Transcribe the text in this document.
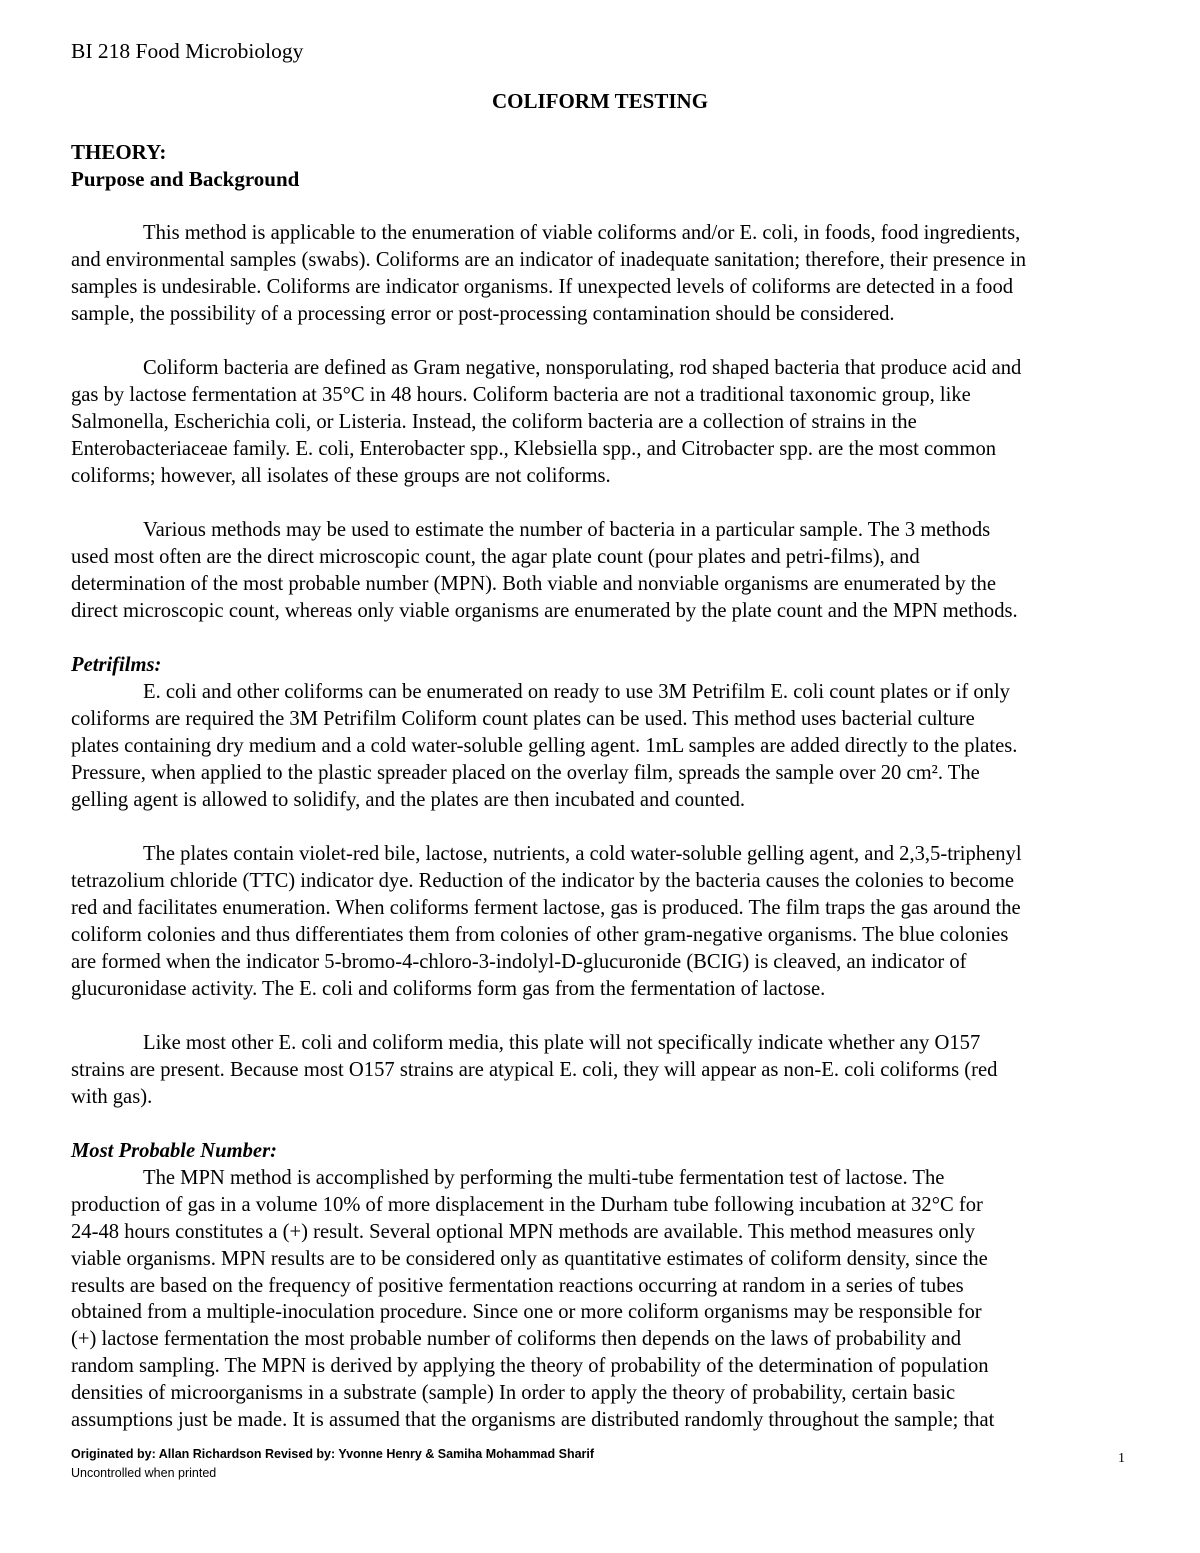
BI 218 Food Microbiology
COLIFORM TESTING
THEORY:
Purpose and Background
This method is applicable to the enumeration of viable coliforms and/or E. coli, in foods, food ingredients,
and environmental samples (swabs). Coliforms are an indicator of inadequate sanitation; therefore, their presence in
samples is undesirable. Coliforms are indicator organisms. If unexpected levels of coliforms are detected in a food
sample, the possibility of a processing error or post-processing contamination should be considered.
Coliform bacteria are defined as Gram negative, nonsporulating, rod shaped bacteria that produce acid and
gas by lactose fermentation at 35°C in 48 hours. Coliform bacteria are not a traditional taxonomic group, like
Salmonella, Escherichia coli, or Listeria. Instead, the coliform bacteria are a collection of strains in the
Enterobacteriaceae family. E. coli, Enterobacter spp., Klebsiella spp., and Citrobacter spp. are the most common
coliforms; however, all isolates of these groups are not coliforms.
Various methods may be used to estimate the number of bacteria in a particular sample. The 3 methods
used most often are the direct microscopic count, the agar plate count (pour plates and petri-films), and
determination of the most probable number (MPN). Both viable and nonviable organisms are enumerated by the
direct microscopic count, whereas only viable organisms are enumerated by the plate count and the MPN methods.
Petrifilms:
E. coli and other coliforms can be enumerated on ready to use 3M Petrifilm E. coli count plates or if only
coliforms are required the 3M Petrifilm Coliform count plates can be used. This method uses bacterial culture
plates containing dry medium and a cold water-soluble gelling agent. 1mL samples are added directly to the plates.
Pressure, when applied to the plastic spreader placed on the overlay film, spreads the sample over 20 cm². The
gelling agent is allowed to solidify, and the plates are then incubated and counted.
The plates contain violet-red bile, lactose, nutrients, a cold water-soluble gelling agent, and 2,3,5-triphenyl
tetrazolium chloride (TTC) indicator dye. Reduction of the indicator by the bacteria causes the colonies to become
red and facilitates enumeration. When coliforms ferment lactose, gas is produced. The film traps the gas around the
coliform colonies and thus differentiates them from colonies of other gram-negative organisms. The blue colonies
are formed when the indicator 5-bromo-4-chloro-3-indolyl-D-glucuronide (BCIG) is cleaved, an indicator of
glucuronidase activity. The E. coli and coliforms form gas from the fermentation of lactose.
Like most other E. coli and coliform media, this plate will not specifically indicate whether any O157
strains are present. Because most O157 strains are atypical E. coli, they will appear as non-E. coli coliforms (red
with gas).
Most Probable Number:
The MPN method is accomplished by performing the multi-tube fermentation test of lactose. The
production of gas in a volume 10% of more displacement in the Durham tube following incubation at 32°C for
24-48 hours constitutes a (+) result. Several optional MPN methods are available. This method measures only
viable organisms. MPN results are to be considered only as quantitative estimates of coliform density, since the
results are based on the frequency of positive fermentation reactions occurring at random in a series of tubes
obtained from a multiple-inoculation procedure. Since one or more coliform organisms may be responsible for
(+) lactose fermentation the most probable number of coliforms then depends on the laws of probability and
random sampling. The MPN is derived by applying the theory of probability of the determination of population
densities of microorganisms in a substrate (sample) In order to apply the theory of probability, certain basic
assumptions just be made. It is assumed that the organisms are distributed randomly throughout the sample; that
Originated by: Allan Richardson Revised by: Yvonne Henry & Samiha Mohammad Sharif
Uncontrolled when printed
1
